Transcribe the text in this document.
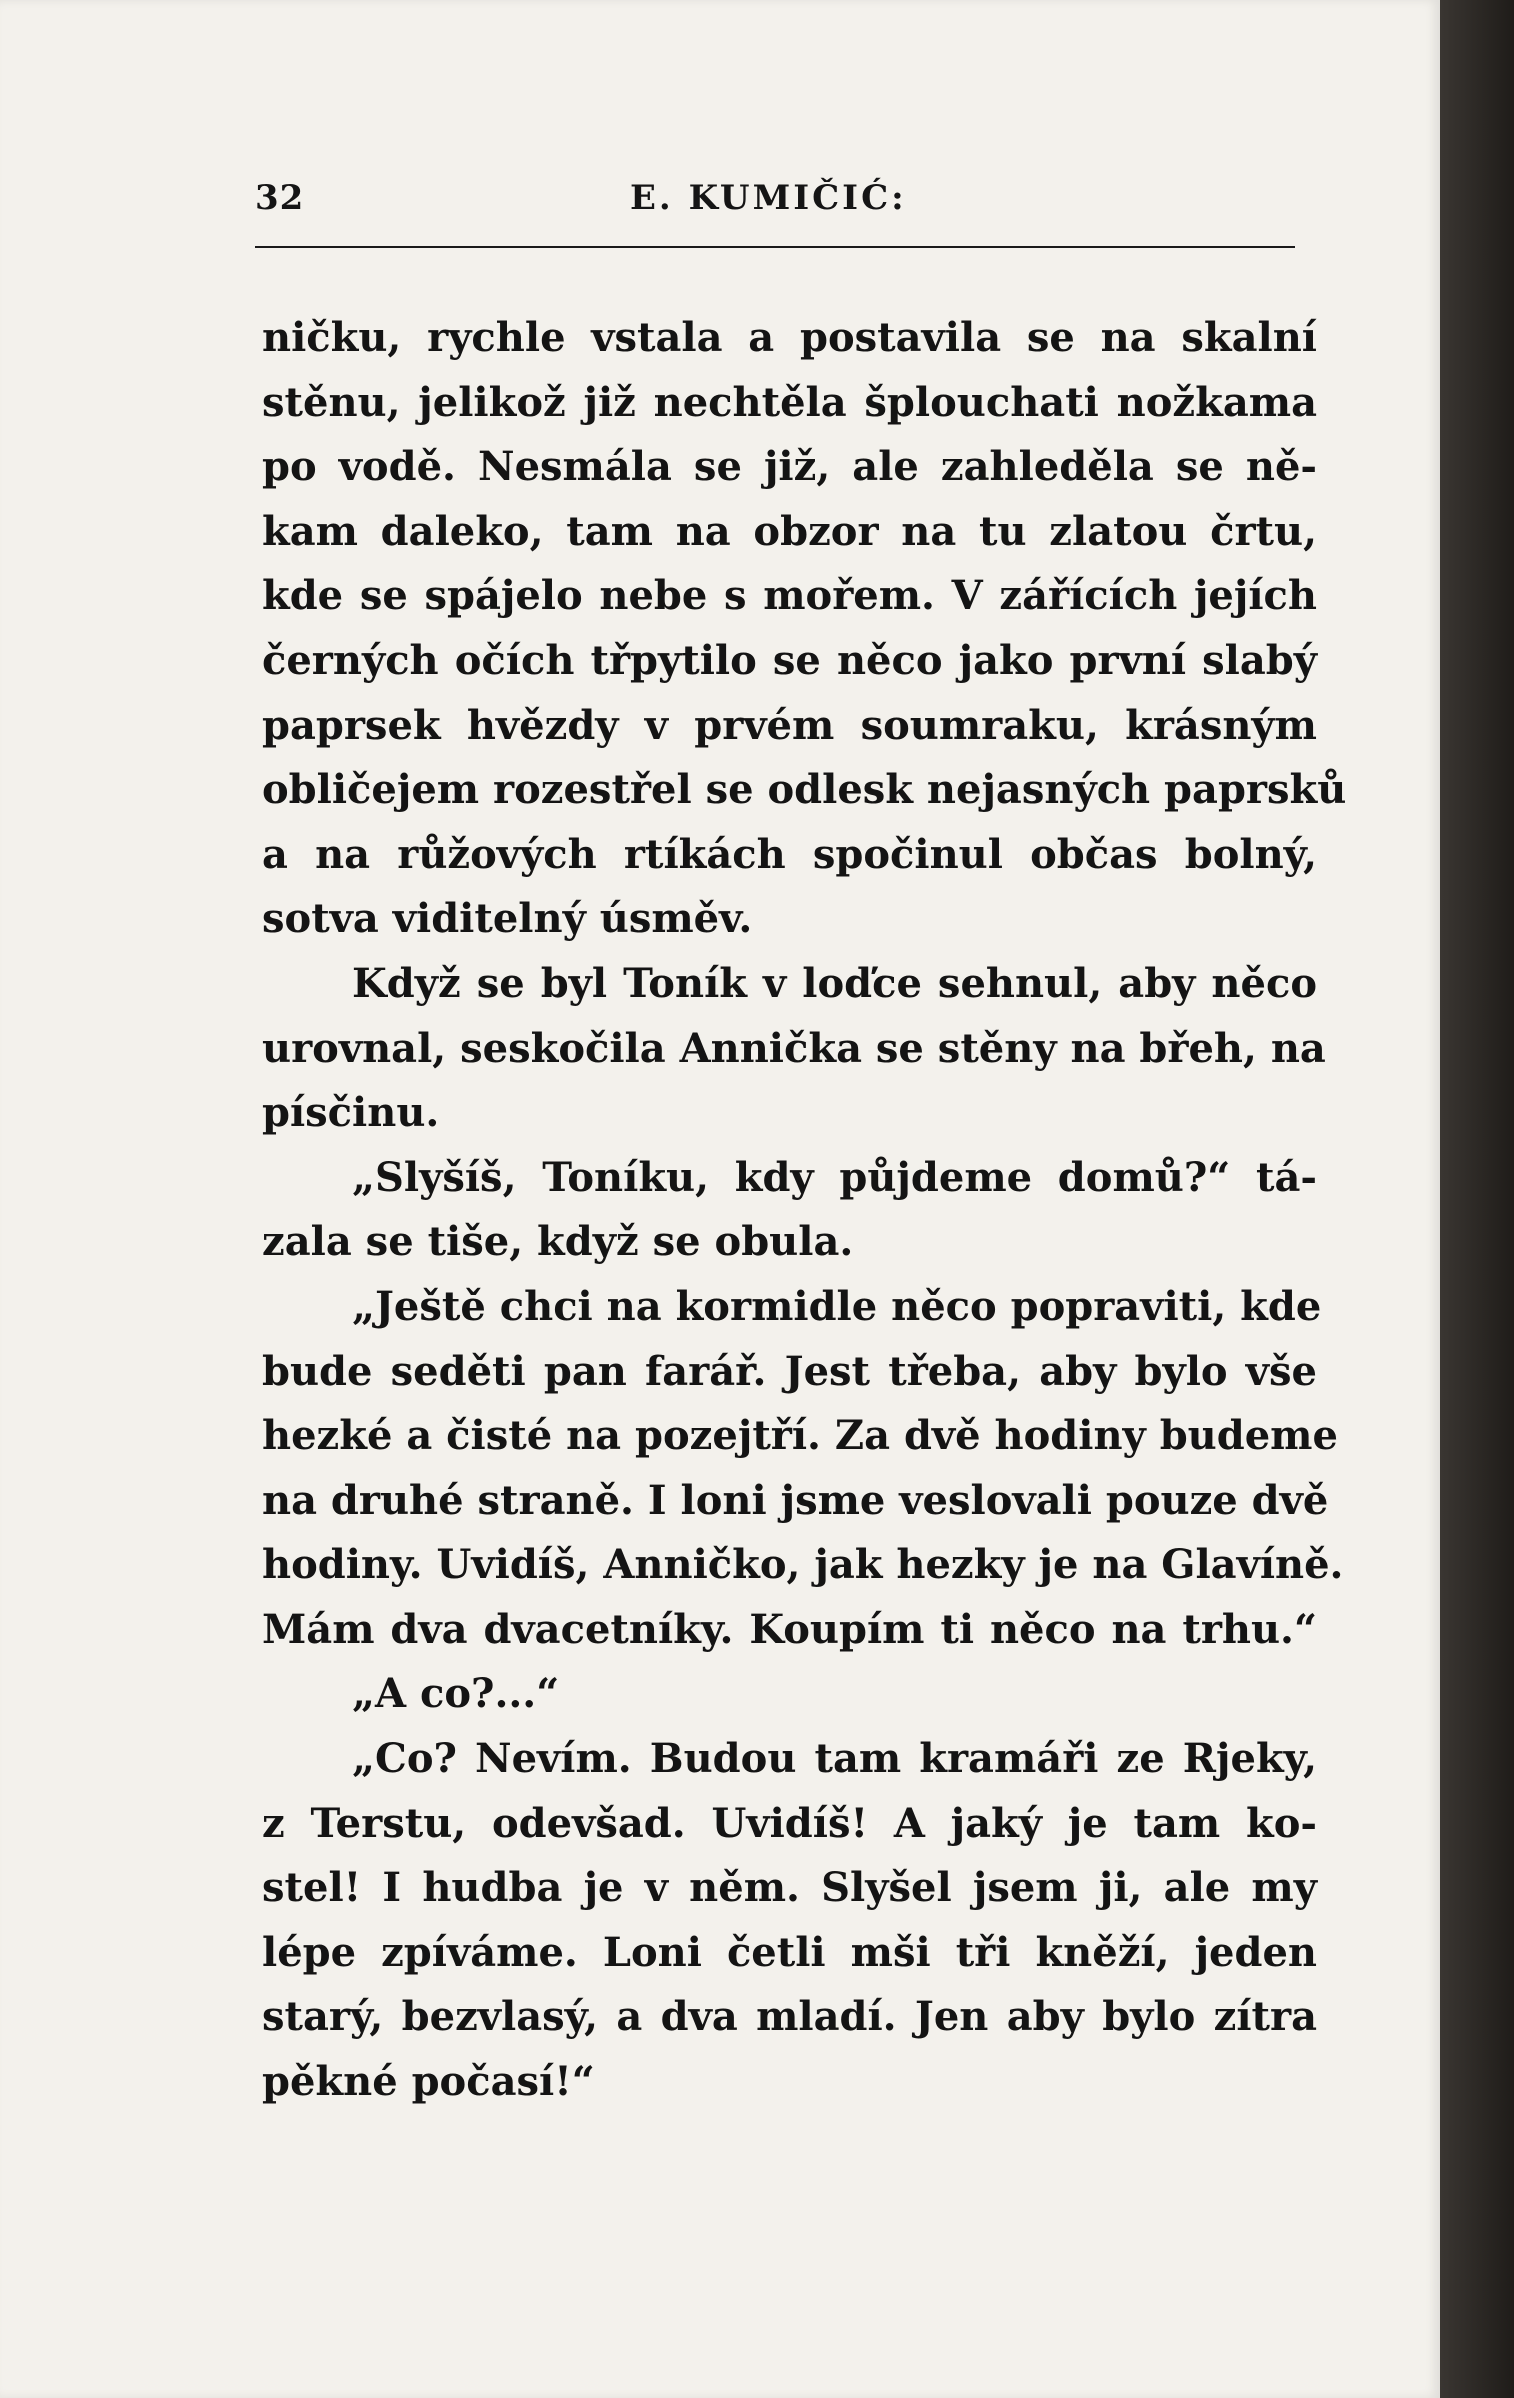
32	E. KUMIČIĆ:
ničku, rychle vstala a postavila se na skalní
stěnu, jelikož již nechtěla šplouchati nožkama
po vodě. Nesmála se již, ale zahleděla se ně-
kam daleko, tam na obzor na tu zlatou črtu,
kde se spájelo nebe s mořem. V zářících jejích
černých očích třpytilo se něco jako první slabý
paprsek hvězdy v prvém soumraku, krásným
obličejem rozestřel se odlesk nejasných paprsků
a na růžových rtíkách spočinul občas bolný,
sotva viditelný úsměv.
Když se byl Toník v loďce sehnul, aby něco
urovnal, seskočila Annička se stěny na břeh, na
písčinu.
„Slyšíš, Toníku, kdy půjdeme domů?“ tá-
zala se tiše, když se obula.
„Ještě chci na kormidle něco popraviti, kde
bude seděti pan farář. Jest třeba, aby bylo vše
hezké a čisté na pozejtří. Za dvě hodiny budeme
na druhé straně. I loni jsme veslovali pouze dvě
hodiny. Uvidíš, Anničko, jak hezky je na Glavíně.
Mám dva dvacetníky. Koupím ti něco na trhu.“
„A co?...“
„Co? Nevím. Budou tam kramáři ze Rjeky,
z Terstu, odevšad. Uvidíš! A jaký je tam ko-
stel! I hudba je v něm. Slyšel jsem ji, ale my
lépe zpíváme. Loni četli mši tři kněží, jeden
starý, bezvlasý, a dva mladí. Jen aby bylo zítra
pěkné počasí!“
